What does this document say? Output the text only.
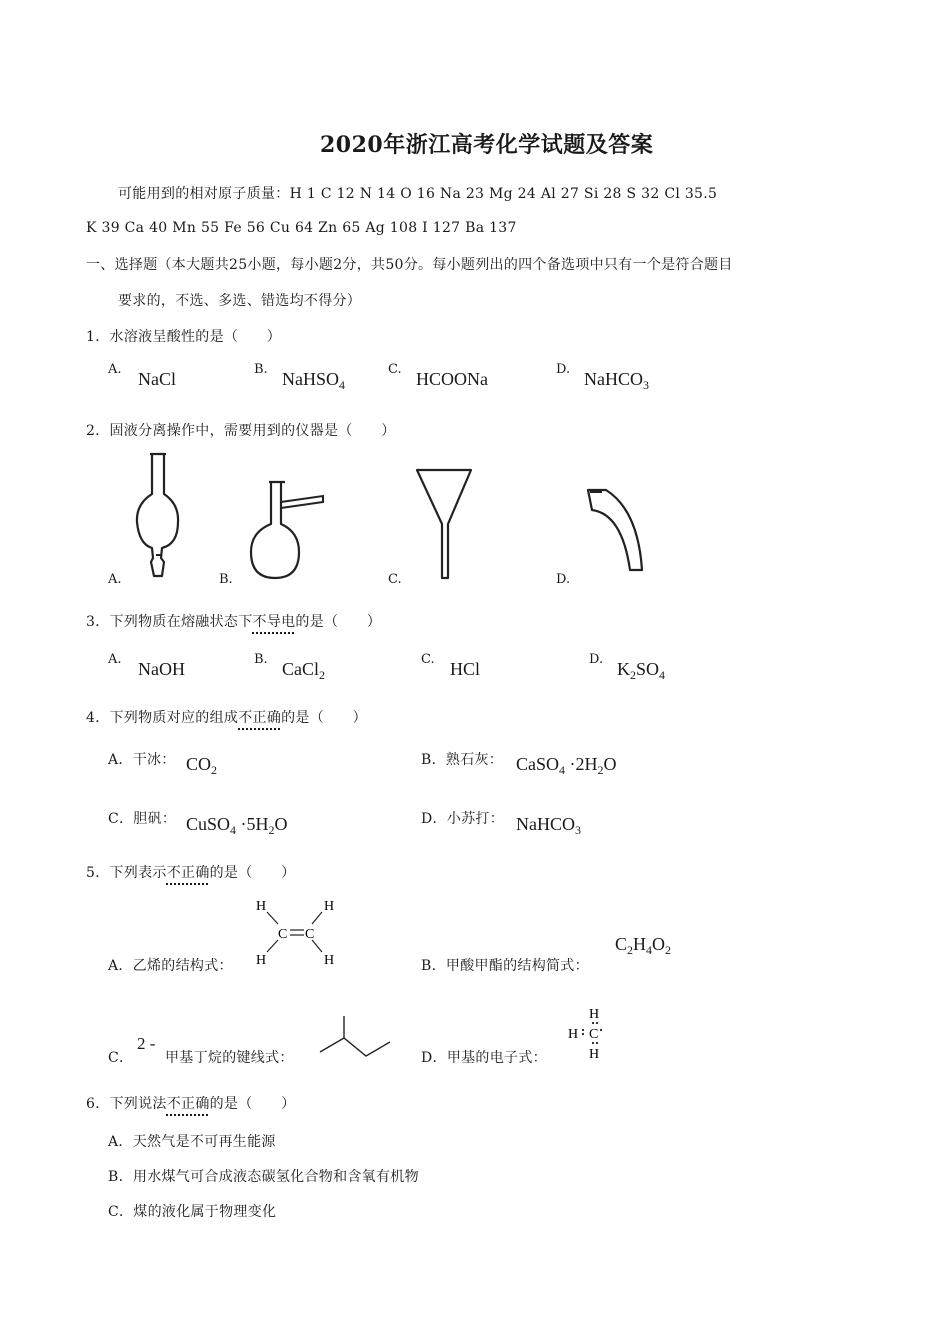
2020年浙江高考化学试题及答案
可能用到的相对原子质量：H 1 C 12 N 14 O 16 Na 23 Mg 24 Al 27 Si 28 S 32 Cl 35.5
K 39 Ca 40 Mn 55 Fe 56 Cu 64 Zn 65 Ag 108 I 127 Ba 137
一、选择题（本大题共25小题，每小题2分，共50分。每小题列出的四个备选项中只有一个是符合题目
要求的，不选、多选、错选均不得分）
1．水溶液呈酸性的是（　　）
A. NaCl	B. NaHSO$_4$
C. HCOONa	D. NaHCO$_3$
2．固液分离操作中，需要用到的仪器是（　　）
A.	B.	C.	D.
3．下列物质在熔融状态下不导电的是（　　）
A. NaOH	B. CaCl$_2$
C. HCl	D. $K_2SO_4$
4．下列物质对应的组成不正确的是（　　）
A．干冰： $CO_2$
B．熟石灰： CaSO$_4$ $\cdot 2H_2O$
C．胆矾： CuSO$_4$ $\cdot 5H_2O$	D．小苏打： NaHCO$_3$
5．下列表示不正确的是（　　）
A．乙烯的结构式：
H	H
C C
H	H	B．甲酸甲酯的结构简式：
$C_2H_4O_2$
C．
2 -
甲基丁烷的键线式：	D．甲基的电子式：
H
H C
H
6．下列说法不正确的是（　　）
A．天然气是不可再生能源
B．用水煤气可合成液态碳氢化合物和含氧有机物
C．煤的液化属于物理变化
